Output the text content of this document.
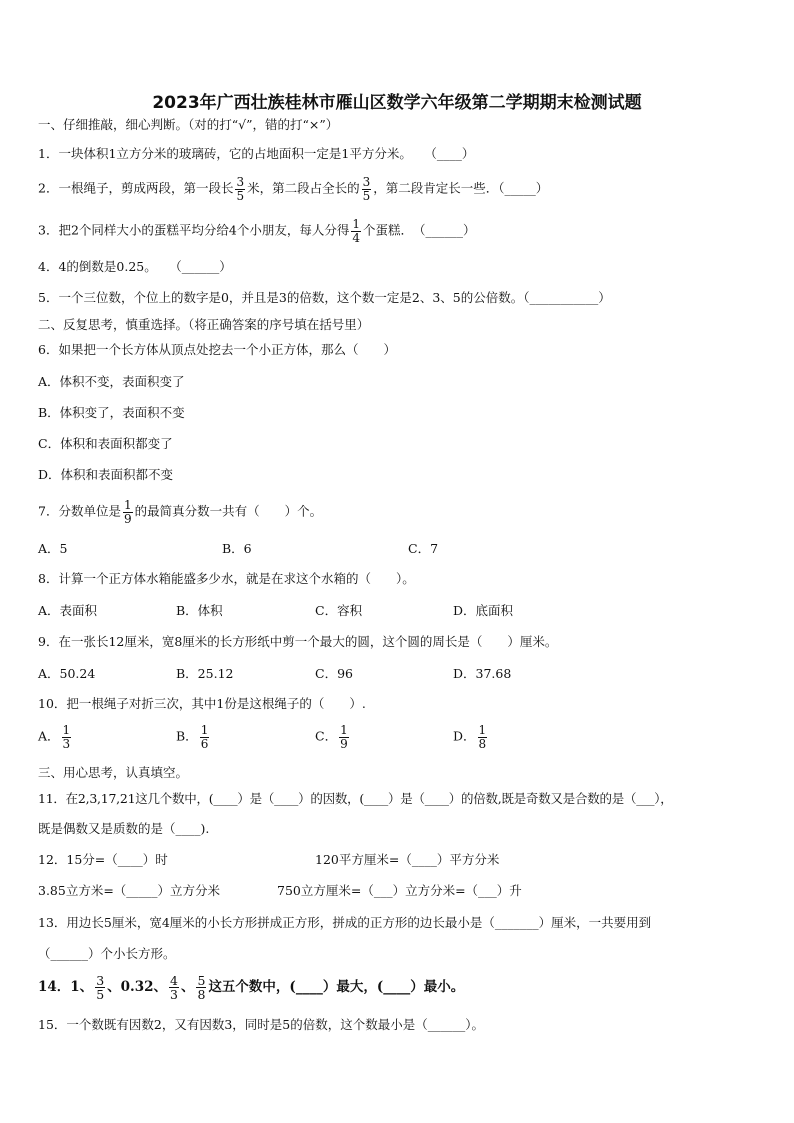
2023年广西壮族桂林市雁山区数学六年级第二学期期末检测试题
一、仔细推敲，细心判断。（对的打“√”，错的打“×”）
1．一块体积1立方分米的玻璃砖，它的占地面积一定是1平方分米。　　（____）
2．一根绳子，剪成两段，第一段长 $\frac{3}{5}$ 米，第二段占全长的 $\frac{3}{5}$ ，第二段肯定长一些．（_____）
3．把2个同样大小的蛋糕平均分给4个小朋友，每人分得 $\frac{1}{4}$ 个蛋糕．　（______）
4．4的倒数是0.25。　　（______）
5．一个三位数，个位上的数字是0，并且是3的倍数，这个数一定是2、3、5的公倍数。（___________）
二、反复思考，慎重选择。（将正确答案的序号填在括号里）
6．如果把一个长方体从顶点处挖去一个小正方体，那么（　　）
A．体积不变，表面积变了
B．体积变了，表面积不变
C．体积和表面积都变了
D．体积和表面积都不变
7．分数单位是 $\frac{1}{9}$ 的最简真分数一共有（　　）个。
A．5	B．6	C．7
8．计算一个正方体水箱能盛多少水，就是在求这个水箱的（　　）。
A．表面积	B．体积	C．容积	D．底面积
9．在一张长12厘米，宽8厘米的长方形纸中剪一个最大的圆，这个圆的周长是（　　）厘米。
A．50.24	B．25.12	C．96	D．37.68
10．把一根绳子对折三次，其中1份是这根绳子的（　　）.
A． $\frac{1}{3}$	B． $\frac{1}{6}$	C． $\frac{1}{9}$	D． $\frac{1}{8}$
三、用心思考，认真填空。
11．在2,3,17,21这几个数中，(____）是（____）的因数，(____）是（____）的倍数,既是奇数又是合数的是（___），
既是偶数又是质数的是（____).
12．15分=（____）时	120平方厘米=（____）平方分米
3.85立方米=（_____）立方分米	750立方厘米=（___）立方分米=（___）升
13．用边长5厘米，宽4厘米的小长方形拼成正方形，拼成的正方形的边长最小是（_______）厘米，一共要用到
（______）个小长方形。
14．1、 $\frac{3}{5}$ 、0.32、 $\frac{4}{3}$ 、 $\frac{5}{8}$ 这五个数中，(____）最大，(____）最小。
15．一个数既有因数2，又有因数3，同时是5的倍数，这个数最小是（______）。
